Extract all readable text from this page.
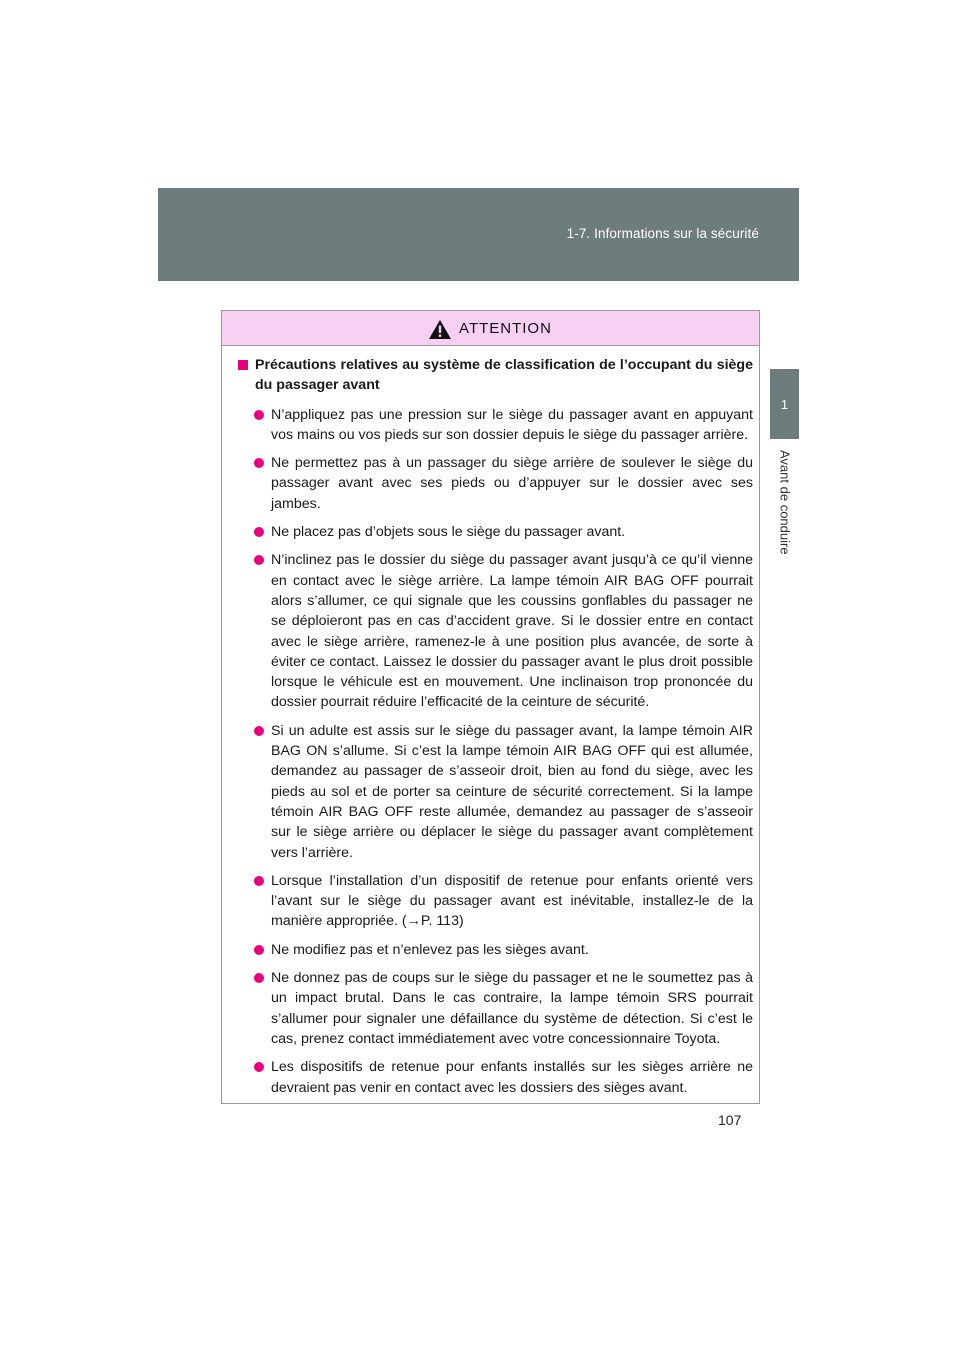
1-7. Informations sur la sécurité
1
Avant de conduire
ATTENTION
Précautions relatives au système de classification de l’occupant du siège du passager avant
N’appliquez pas une pression sur le siège du passager avant en appuyant vos mains ou vos pieds sur son dossier depuis le siège du passager arrière.
Ne permettez pas à un passager du siège arrière de soulever le siège du passager avant avec ses pieds ou d’appuyer sur le dossier avec ses jambes.
Ne placez pas d’objets sous le siège du passager avant.
N’inclinez pas le dossier du siège du passager avant jusqu’à ce qu’il vienne en contact avec le siège arrière. La lampe témoin AIR BAG OFF pourrait alors s’allumer, ce qui signale que les coussins gonflables du passager ne se déploieront pas en cas d’accident grave. Si le dossier entre en contact avec le siège arrière, ramenez-le à une position plus avancée, de sorte à éviter ce contact. Laissez le dossier du passager avant le plus droit possible lorsque le véhicule est en mouvement. Une inclinaison trop prononcée du dossier pourrait réduire l’efficacité de la ceinture de sécurité.
Si un adulte est assis sur le siège du passager avant, la lampe témoin AIR BAG ON s’allume. Si c’est la lampe témoin AIR BAG OFF qui est allumée, demandez au passager de s’asseoir droit, bien au fond du siège, avec les pieds au sol et de porter sa ceinture de sécurité correctement. Si la lampe témoin AIR BAG OFF reste allumée, demandez au passager de s’asseoir sur le siège arrière ou déplacer le siège du passager avant complètement vers l’arrière.
Lorsque l’installation d’un dispositif de retenue pour enfants orienté vers l’avant sur le siège du passager avant est inévitable, installez-le de la manière appropriée. (→P. 113)
Ne modifiez pas et n’enlevez pas les sièges avant.
Ne donnez pas de coups sur le siège du passager et ne le soumettez pas à un impact brutal. Dans le cas contraire, la lampe témoin SRS pourrait s’allumer pour signaler une défaillance du système de détection. Si c’est le cas, prenez contact immédiatement avec votre concessionnaire Toyota.
Les dispositifs de retenue pour enfants installés sur les sièges arrière ne devraient pas venir en contact avec les dossiers des sièges avant.
107
